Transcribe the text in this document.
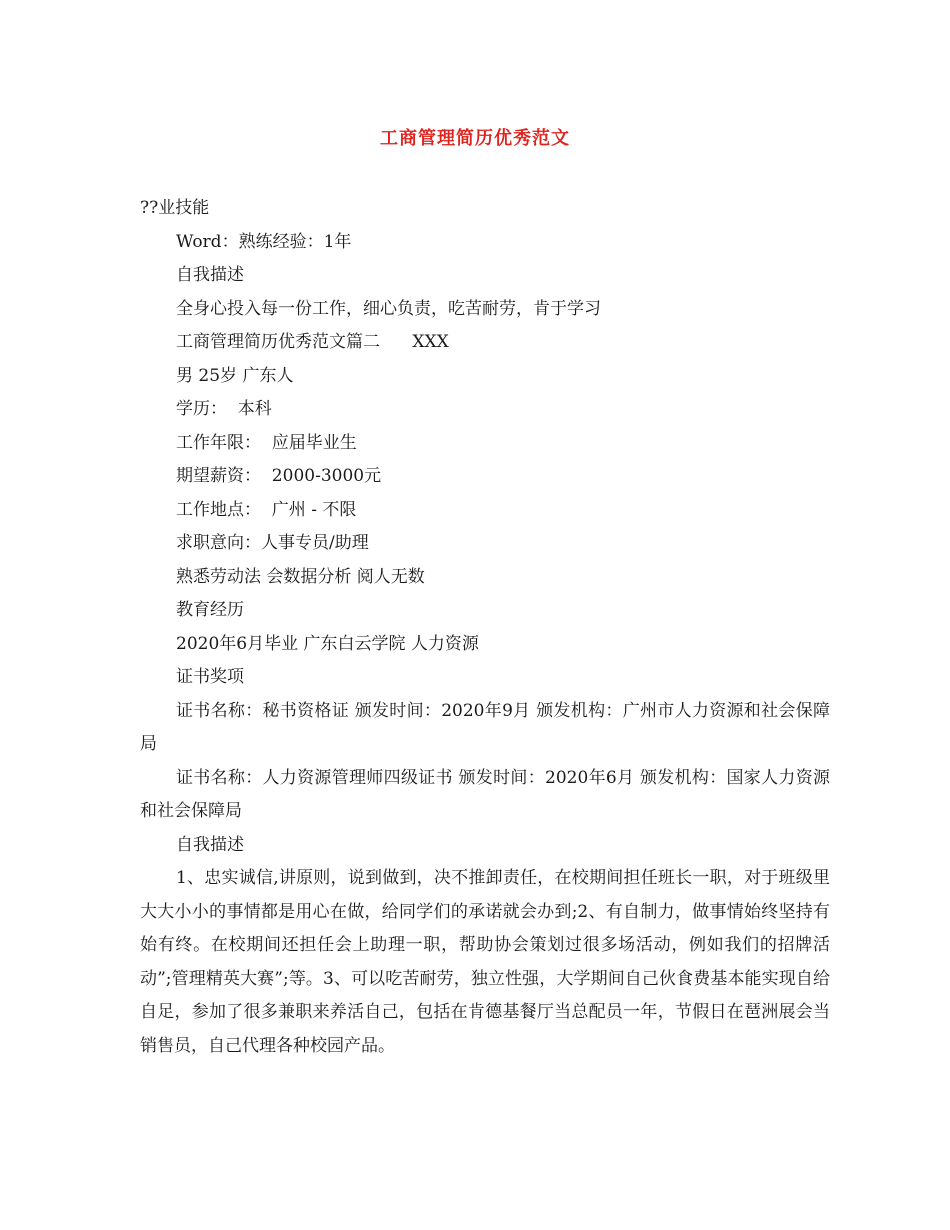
工商管理简历优秀范文

??业技能

Word：熟练经验：1年

自我描述

全身心投入每一份工作，细心负责，吃苦耐劳，肯于学习

工商管理简历优秀范文篇二      XXX

男 25岁 广东人

学历：  本科

工作年限：  应届毕业生

期望薪资：  2000-3000元

工作地点：  广州 - 不限

求职意向：人事专员/助理

熟悉劳动法 会数据分析 阅人无数

教育经历

2020年6月毕业 广东白云学院 人力资源

证书奖项

证书名称：秘书资格证 颁发时间：2020年9月 颁发机构：广州市人力资源和社会保障局

证书名称：人力资源管理师四级证书 颁发时间：2020年6月 颁发机构：国家人力资源和社会保障局

自我描述

1、忠实诚信,讲原则，说到做到，决不推卸责任，在校期间担任班长一职，对于班级里大大小小的事情都是用心在做，给同学们的承诺就会办到;2、有自制力，做事情始终坚持有始有终。在校期间还担任会上助理一职，帮助协会策划过很多场活动，例如我们的招牌活动”;管理精英大赛”;等。3、可以吃苦耐劳，独立性强，大学期间自己伙食费基本能实现自给自足，参加了很多兼职来养活自己，包括在肯德基餐厅当总配员一年，节假日在琶洲展会当销售员，自己代理各种校园产品。
